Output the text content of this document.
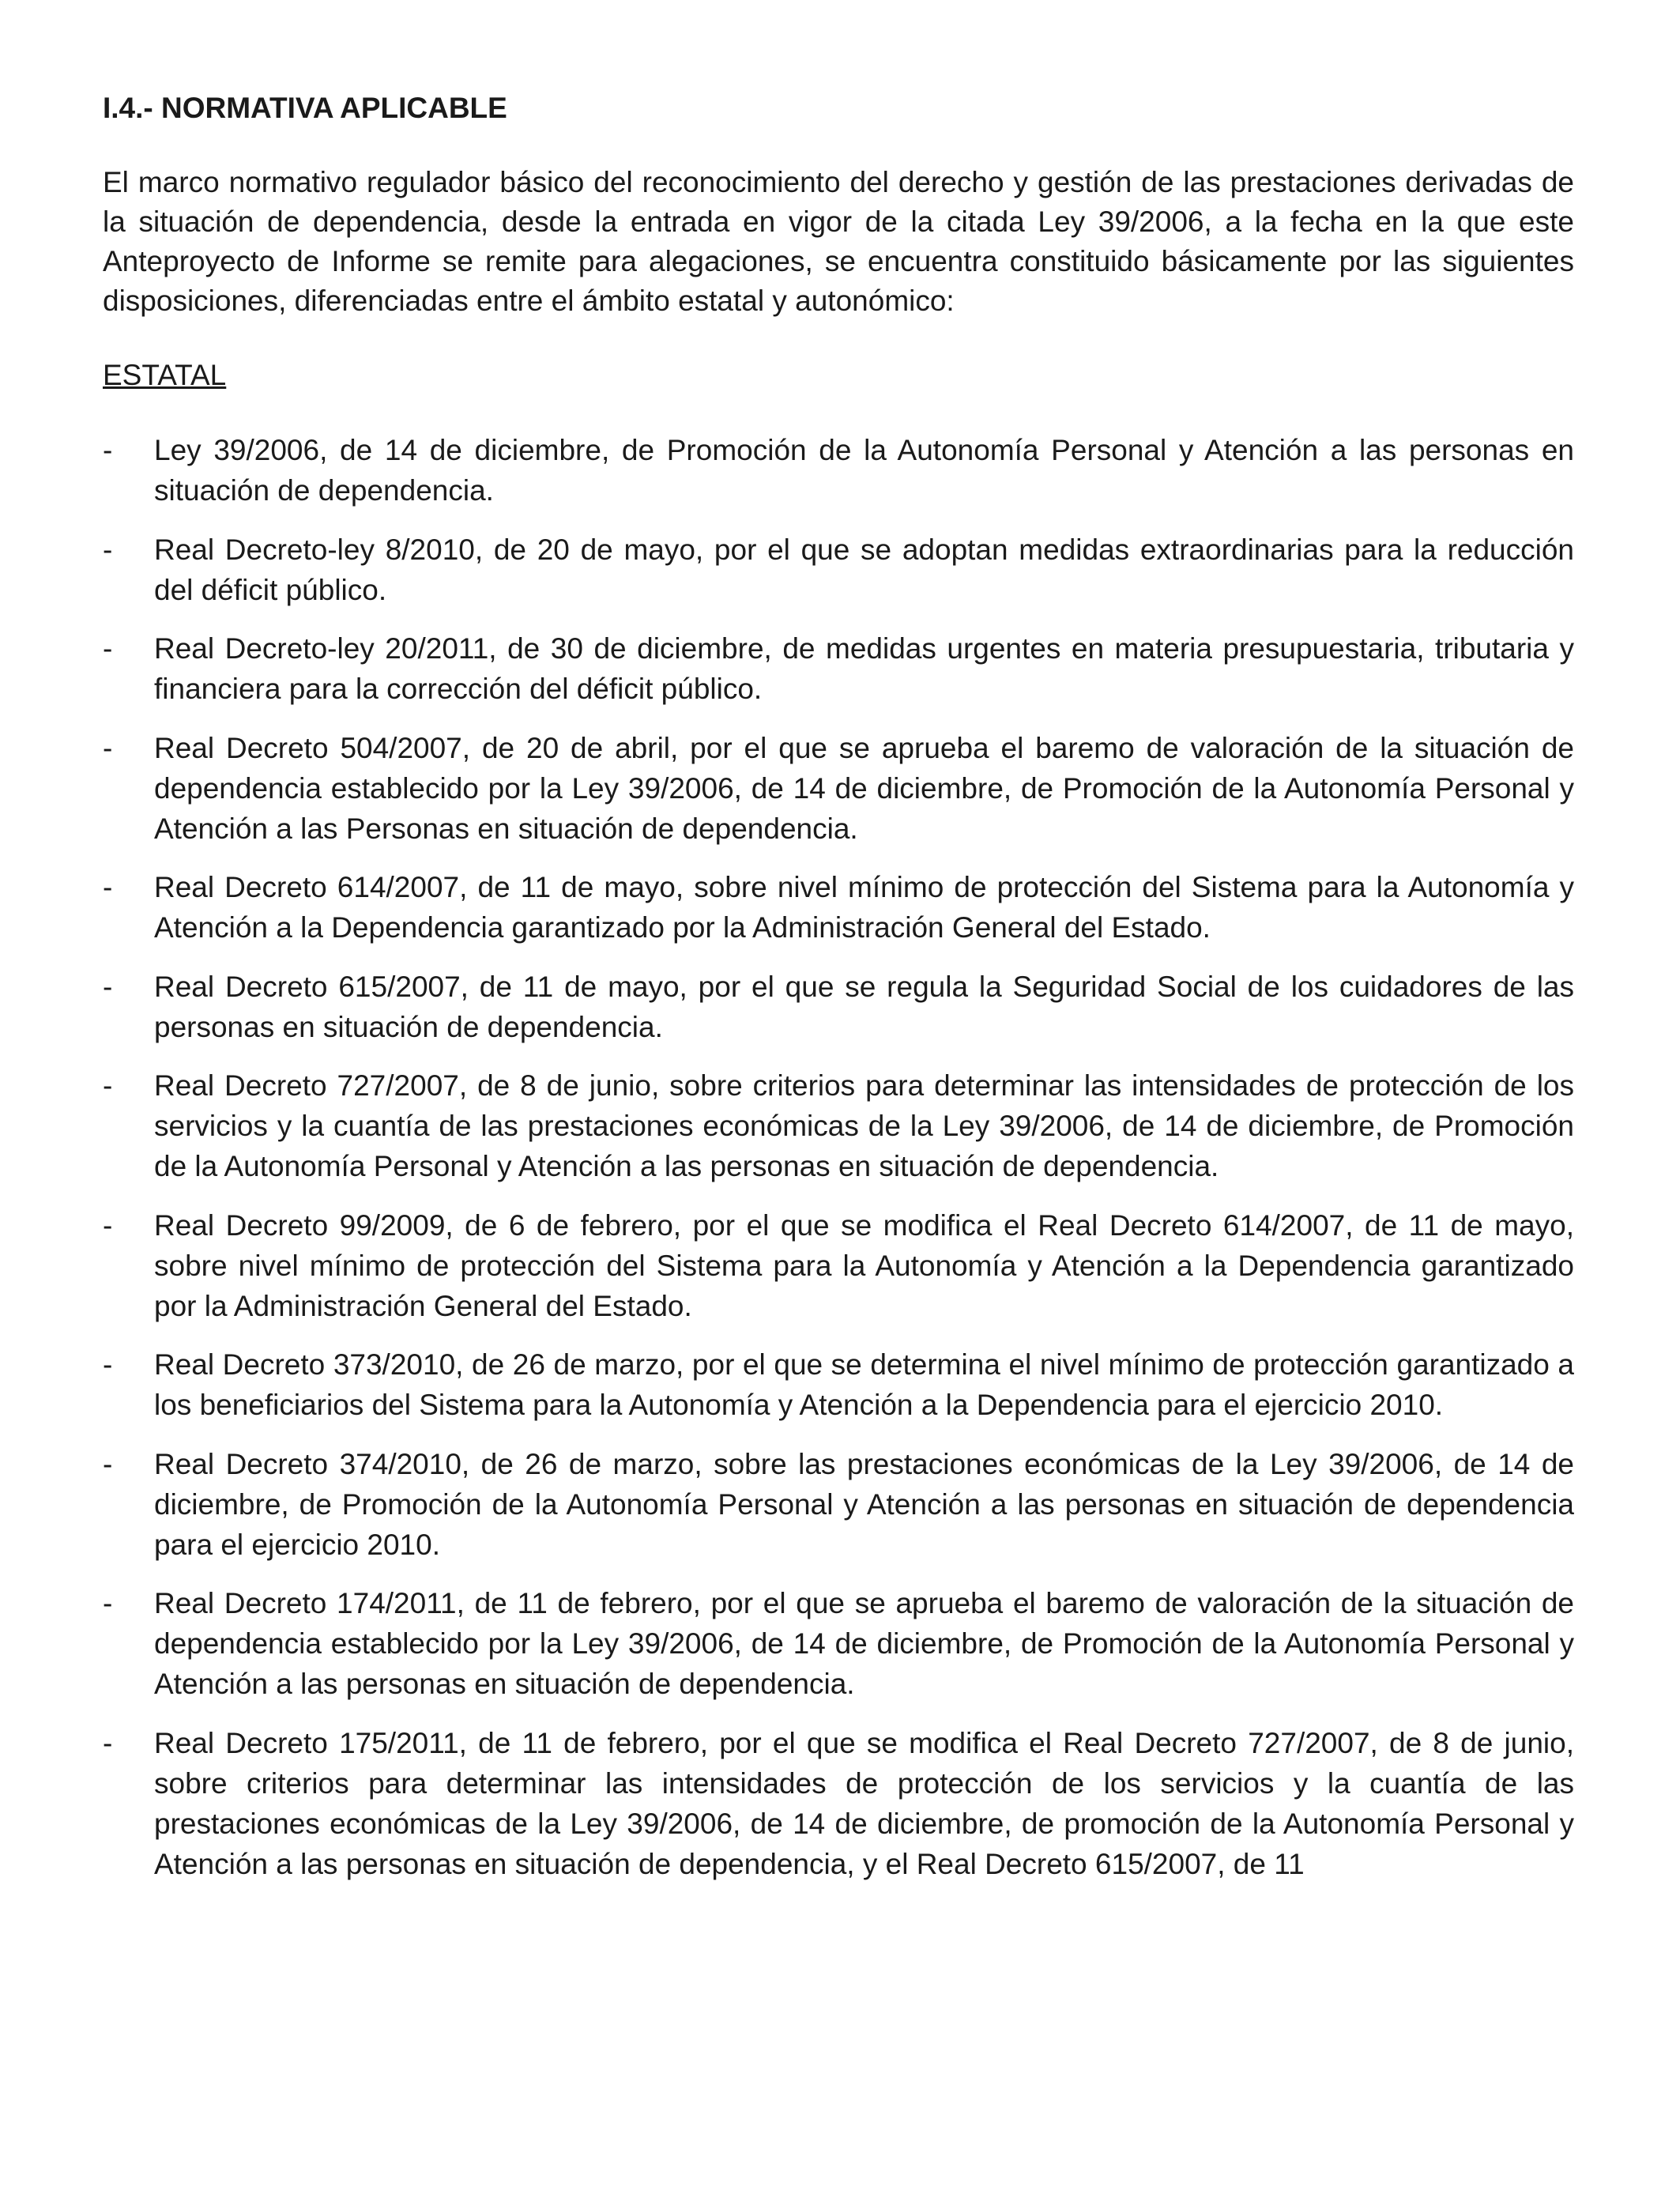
I.4.- NORMATIVA APLICABLE
El marco normativo regulador básico del reconocimiento del derecho y gestión de las prestaciones derivadas de la situación de dependencia, desde la entrada en vigor de la citada Ley 39/2006, a la fecha en la que este Anteproyecto de Informe se remite para alegaciones, se encuentra constituido básicamente por las siguientes disposiciones, diferenciadas entre el ámbito estatal y autonómico:
ESTATAL
-	Ley 39/2006, de 14 de diciembre, de Promoción de la Autonomía Personal y Atención a las personas en situación de dependencia.
-	Real Decreto-ley 8/2010, de 20 de mayo, por el que se adoptan medidas extraordinarias para la reducción del déficit público.
-	Real Decreto-ley 20/2011, de 30 de diciembre, de medidas urgentes en materia presupuestaria, tributaria y financiera para la corrección del déficit público.
-	Real Decreto 504/2007, de 20 de abril, por el que se aprueba el baremo de valoración de la situación de dependencia establecido por la Ley 39/2006, de 14 de diciembre, de Promoción de la Autonomía Personal y Atención a las Personas en situación de dependencia.
-	Real Decreto 614/2007, de 11 de mayo, sobre nivel mínimo de protección del Sistema para la Autonomía y Atención a la Dependencia garantizado por la Administración General del Estado.
-	Real Decreto 615/2007, de 11 de mayo, por el que se regula la Seguridad Social de los cuidadores de las personas en situación de dependencia.
-	Real Decreto 727/2007, de 8 de junio, sobre criterios para determinar las intensidades de protección de los servicios y la cuantía de las prestaciones económicas de la Ley 39/2006, de 14 de diciembre, de Promoción de la Autonomía Personal y Atención a las personas en situación de dependencia.
-	Real Decreto 99/2009, de 6 de febrero, por el que se modifica el Real Decreto 614/2007, de 11 de mayo, sobre nivel mínimo de protección del Sistema para la Autonomía y Atención a la Dependencia garantizado por la Administración General del Estado.
-	Real Decreto 373/2010, de 26 de marzo, por el que se determina el nivel mínimo de protección garantizado a los beneficiarios del Sistema para la Autonomía y Atención a la Dependencia para el ejercicio 2010.
-	Real Decreto 374/2010, de 26 de marzo, sobre las prestaciones económicas de la Ley 39/2006, de 14 de diciembre, de Promoción de la Autonomía Personal y Atención a las personas en situación de dependencia para el ejercicio 2010.
-	Real Decreto 174/2011, de 11 de febrero, por el que se aprueba el baremo de valoración de la situación de dependencia establecido por la Ley 39/2006, de 14 de diciembre, de Promoción de la Autonomía Personal y Atención a las personas en situación de dependencia.
-	Real Decreto 175/2011, de 11 de febrero, por el que se modifica el Real Decreto 727/2007, de 8 de junio, sobre criterios para determinar las intensidades de protección de los servicios y la cuantía de las prestaciones económicas de la Ley 39/2006, de 14 de diciembre, de promoción de la Autonomía Personal y Atención a las personas en situación de dependencia, y el Real Decreto 615/2007, de 11
